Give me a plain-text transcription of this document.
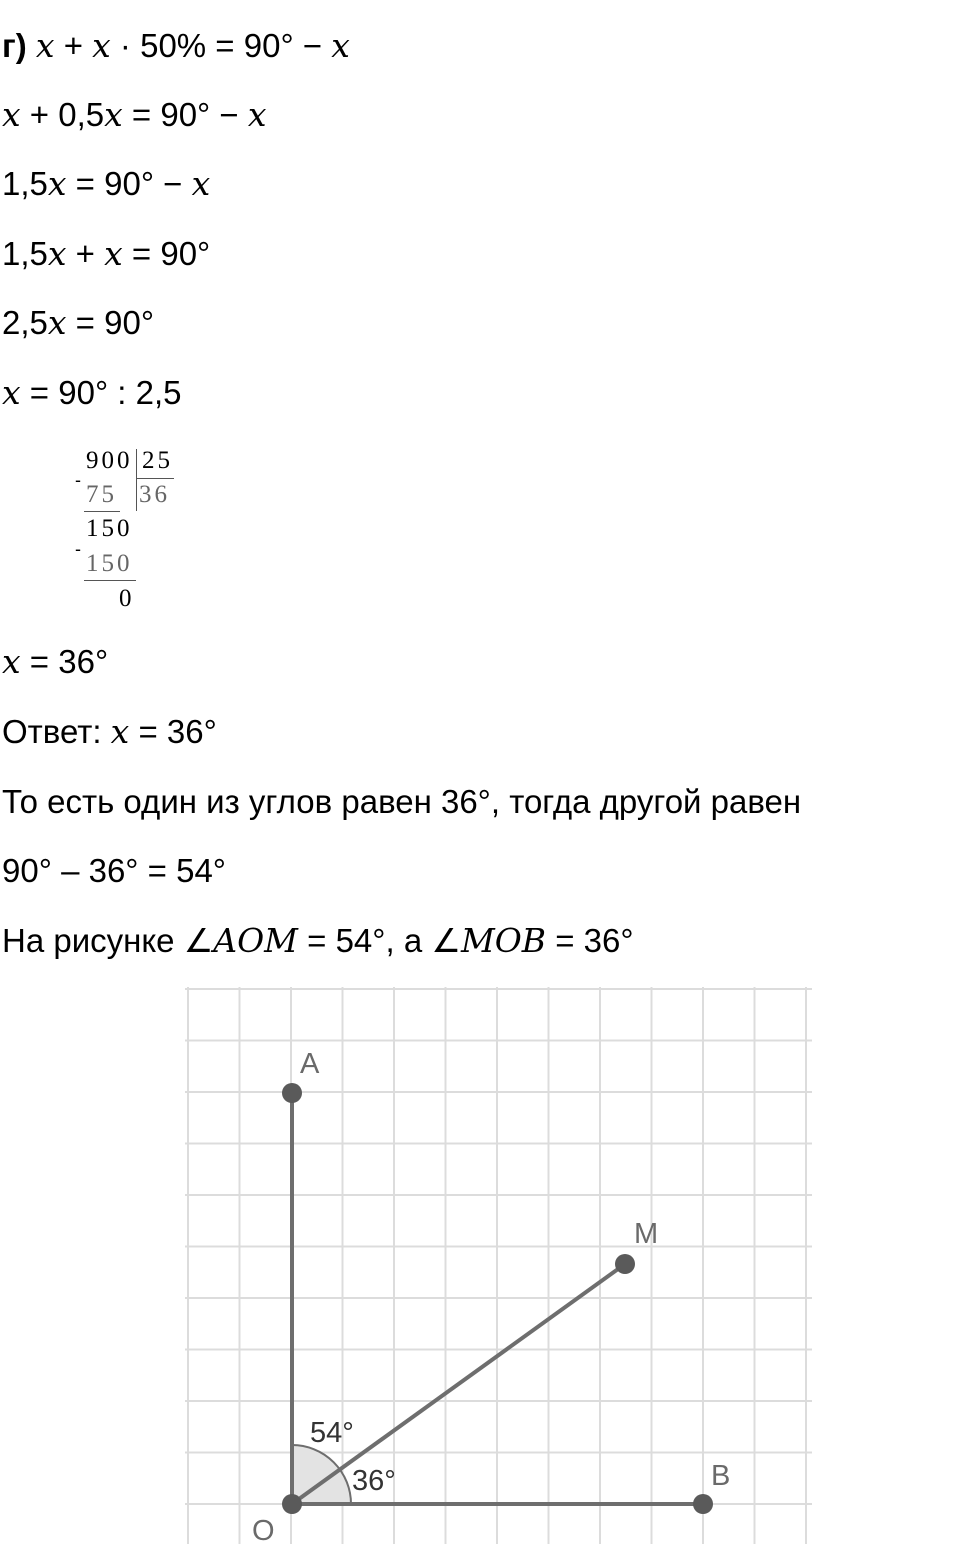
г) x + x · 50% = 90° − x
x + 0,5x = 90° − x
1,5x = 90° − x
1,5x + x = 90°
2,5x = 90°
x = 90° : 2,5
900 25
-
75 36
150
-
150
0
x = 36°
Ответ: x = 36°
То есть один из углов равен 36°, тогда другой равен
90° – 36° = 54°
На рисунке ∠AOM = 54°, а ∠MOB = 36°
A
M
B
O
54°
36°
